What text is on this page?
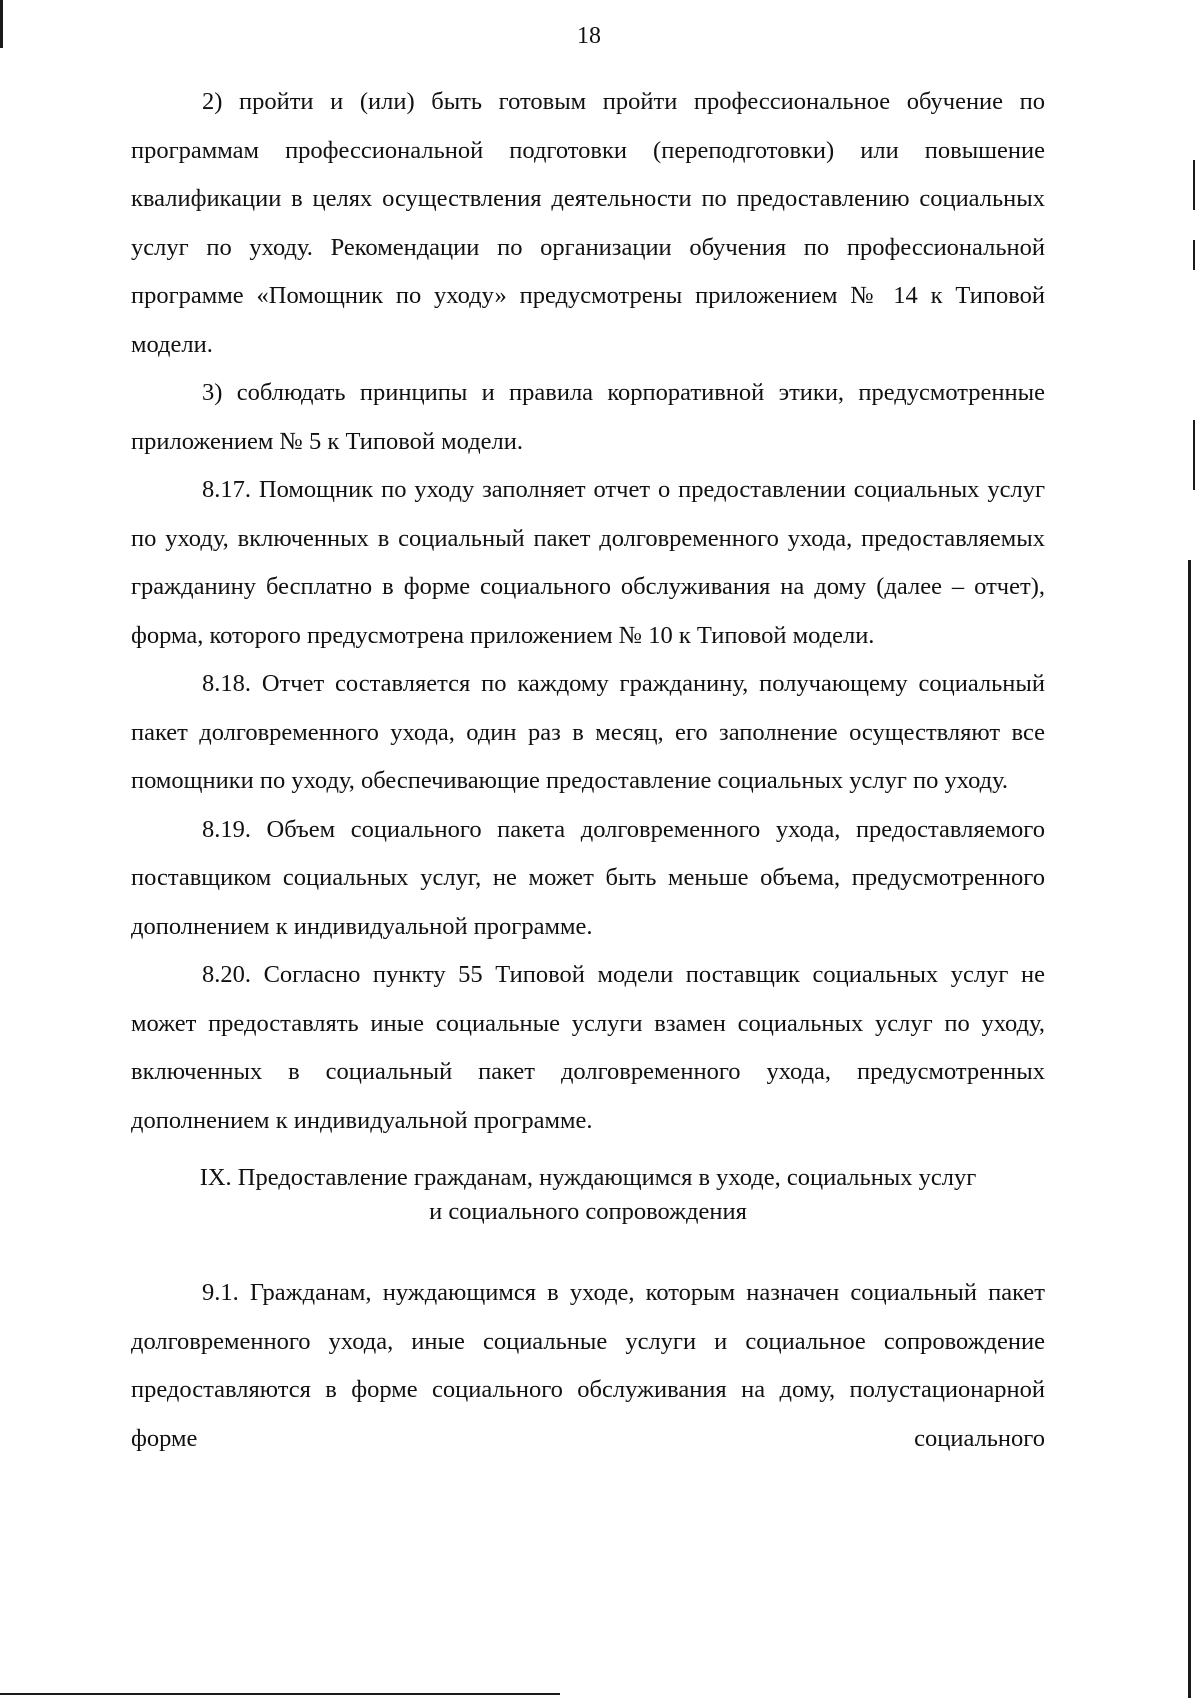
18

2) пройти и (или) быть готовым пройти профессиональное обучение по программам профессиональной подготовки (переподготовки) или повышение квалификации в целях осуществления деятельности по предоставлению социальных услуг по уходу. Рекомендации по организации обучения по профессиональной программе «Помощник по уходу» предусмотрены приложением № 14 к Типовой модели.

3) соблюдать принципы и правила корпоративной этики, предусмотренные приложением № 5 к Типовой модели.

8.17. Помощник по уходу заполняет отчет о предоставлении социальных услуг по уходу, включенных в социальный пакет долговременного ухода, предоставляемых гражданину бесплатно в форме социального обслуживания на дому (далее – отчет), форма, которого предусмотрена приложением № 10 к Типовой модели.

8.18. Отчет составляется по каждому гражданину, получающему социальный пакет долговременного ухода, один раз в месяц, его заполнение осуществляют все помощники по уходу, обеспечивающие предоставление социальных услуг по уходу.

8.19. Объем социального пакета долговременного ухода, предоставляемого поставщиком социальных услуг, не может быть меньше объема, предусмотренного дополнением к индивидуальной программе.

8.20. Согласно пункту 55 Типовой модели поставщик социальных услуг не может предоставлять иные социальные услуги взамен социальных услуг по уходу, включенных в социальный пакет долговременного ухода, предусмотренных дополнением к индивидуальной программе.

IX. Предоставление гражданам, нуждающимся в уходе, социальных услуг
и социального сопровождения

9.1. Гражданам, нуждающимся в уходе, которым назначен социальный пакет долговременного ухода, иные социальные услуги и социальное сопровождение предоставляются в форме социального обслуживания на дому, полустационарной форме социального
